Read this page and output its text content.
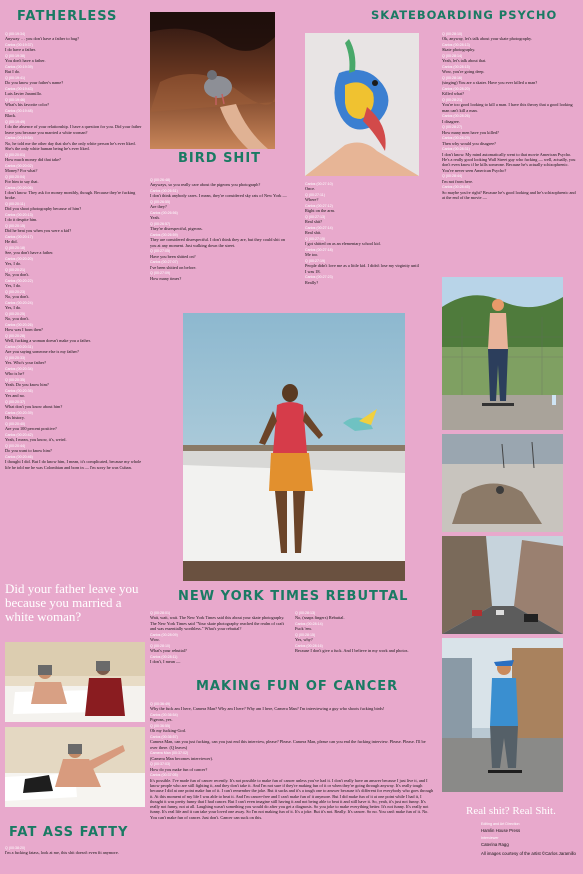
FATHERLESS	SKATEBOARDING PSYCHO
BIRD SHIT
NEW YORK TIMES REBUTTAL
MAKING FUN OF CANCER
FAT ASS FATTY
Q (00:19:34)
Anyway … you don't have a father to hug?
Carlos (00:19:37)
I do have a father.
Q (00:19:38)
You don't have a father.
Carlos (00:19:39)
But I do.
Q (00:19:41)
Do you know your father's name?
Carlos (00:19:43)
Luis Javier Jaramillo.
Q (00:19:46)
What's his favorite color?
Carlos (00:19:48)
Black.
Q (00:19:49)
I do the absence of your relationship. I have a question for you. Did your father leave you because you married a white woman?
Carlos (00:19:54)
No, he told me the other day that she's the only white person he's ever liked. She's the only white human being he's ever liked.
Q (00:20:01)
How much money did that take?
Carlos (00:20:02)
Money? For what?
Q (00:20:04)
For him to say that.
Carlos (00:20:06)
I don't know. They ask for money monthly, though. Because they're fucking broke.
Q (00:20:11)
Did you shoot photography because of him?
Carlos (00:20:13)
I do it despite him.
Q (00:20:15)
Did he beat you when you were a kid?
Carlos (00:20:17)
He did.
Q (00:20:18)
See, you don't have a father.
Carlos (00:20:20)
Yes, I do.
Q (00:20:21)
No, you don't.
Carlos (00:20:22)
Yes, I do.
Q (00:20:23)
No, you don't.
Carlos (00:20:24)
Yes, I do.
Q (00:20:25)
No, you don't.
Carlos (00:20:26)
How was I born then?
Q (00:20:28)
Well, fucking a woman doesn't make you a father.
Carlos (00:20:31)
Are you saying someone else is my father?
Q (00:20:33)
Yes. Who's your father?
Carlos (00:20:34)
Who is he?
Q (00:20:35)
Yeah. Do you know him?
Carlos (00:20:36)
Yes and no.
Q (00:20:37)
What don't you know about him?
Carlos (00:20:39)
His history.
Q (00:20:40)
Are you 100 percent positive?
Carlos (00:20:42)
Yeah, I mean, you know, it's, weird.
Q (00:20:44)
Do you want to know him?
Carlos (00:20:46)
I thought I did. But I do know him, I mean, it's complicated, because my whole life he told me he was Colombian and born in — I'm sorry he was Cuban.

Did your father leave you because you married a white woman?

Q (00:26:48)
Anyways, so you really care about the pigeons you photograph?
Carlos (00:26:51)
I don't think anybody cares. I mean, they're considered sky rats of New York —
Q (00:26:55)
Are they?
Carlos (00:26:56)
Yeah.
Q (00:26:57)
They're disrespectful, pigeons.
Carlos (00:26:59)
They are considered disrespectful. I don't think they are, but they could shit on you at any moment. Just walking down the street.
Q (00:27:05)
Have you been shitted on?
Carlos (00:27:07)
I've been shitted on before.
Q (00:27:09)
How many times?
Carlos (00:27:10)
Once.
Q (00:27:11)
Where?
Carlos (00:27:12)
Right on the arm.
Q (00:27:13)
Real shit?
Carlos (00:27:14)
Real shit.
Q (00:27:15)
I got shitted on as an elementary school kid.
Carlos (00:27:18)
Me too.
Q (00:27:19)
People didn't love me as a little kid. I didn't lose my virginity until I was 18.
Carlos (00:27:23)
Really?
Q (00:28:10)
Ok, anyway, let's talk about your skate photography.
Carlos (00:28:13)
Skate photography.
Q (00:28:14)
Yeah, let's talk about that.
Carlos (00:28:15)
Wow, you're going deep.
Q (00:28:16)
(singing) You are a skater. Have you ever killed a man?
Carlos (00:28:20)
Killed what?
Q (00:28:21)
You're too good looking to kill a man. I have this theory that a good looking man can't kill a man.
Carlos (00:28:26)
I disagree.
Q (00:28:27)
How many men have you killed?
Carlos (00:28:29)
Then why would you disagree?
Carlos (00:28:31)
I don't know. My mind automatically went to that movie American Psycho. He's a really good looking Wall Street guy who fucking — well, actually, you don't even know if he kills someone. Because he's actually schizophrenic. You've never seen American Psycho?
Q (00:28:44)
I'm not from here.
Carlos (00:28:45)
So maybe you're right? Because he's good looking and he's schizophrenic and at the end of the movie —
Q (00:28:01)
Wait, wait, wait. The New York Times said this about your skate photography. The New York Times said "Your skate photography reached the realm of craft and was essentially worthless." What's your rebuttal?
Carlos (00:28:09)
Wow.
Q (00:28:10)
What's your rebuttal?
Carlos (00:28:11)
I don't, I mean —
Q (00:28:13)
No, (snaps fingers) Rebuttal.
Carlos (00:28:14)
Fuck 'em.
Q (00:28:15)
Yes, why?
Carlos (00:28:16)
Because I don't give a fuck. And I believe in my work and photos.
Q (00:36:49)
Why the fuck am I here, Camera Man? Why am I here? Why am I here, Camera Man? I'm interviewing a guy who shoots fucking birds!
Carlos (00:36:54)
Pigeons, yes.
Q (00:36:55)
Oh my fucking-God.
Carlos (00:36:57)
Camera Man, can you just fucking, can you just end this interview, please? Please. Camera Man, please can you end the fucking interview. Please. Please. I'll be over there. (Q leaves)
Camera Man (00:37:02)
(Camera Man becomes interviewer).
Q (00:37:03)
How do you make fun of cancer?
Carlos (00:37:05)
It's possible. I've made fun of cancer recently. It's not possible to make fun of cancer unless you've had it. I don't really have an answer because I just live it, and I know people who are still fighting it, and they don't take it. And I'm not sure if they're making fun of it or when they're going through anyway. It's really tough because I did at one point make fun of it. I can't remember the joke. But it sucks and it's a tough one to answer because it's different for everybody who goes through it. At this moment of my life I was able to beat it. And I'm cancer-free and I can't make fun of it anymore. But I did make fun of it at one point while I had it, I thought it was pretty funny that I had cancer. But I can't even imagine still having it and not being able to beat it and still have it. So, yeah, it's just not funny. It's really not funny, not at all. Laughing wasn't something you would do after you get a diagnosis. So you joke to make everything better. It's not funny. It's really not funny. It's real life and it can take your loved one away. So I'm not making fun of it. It's a joke. But it's not. Really. It's cancer. So no. You can't make fun of it. No. You can't make fun of cancer. Just don't. Cancer can suck on this.
Q (00:38:20)
I'm a fucking fatass, look at me, this shit doesn't even fit anymore.

Real shit? Real Shit.

Editing and Art Direction
Hamlin House Press
Interviewer
Caterina Ragg
All images courtesy of the artist ©Carlos Jaramillo
